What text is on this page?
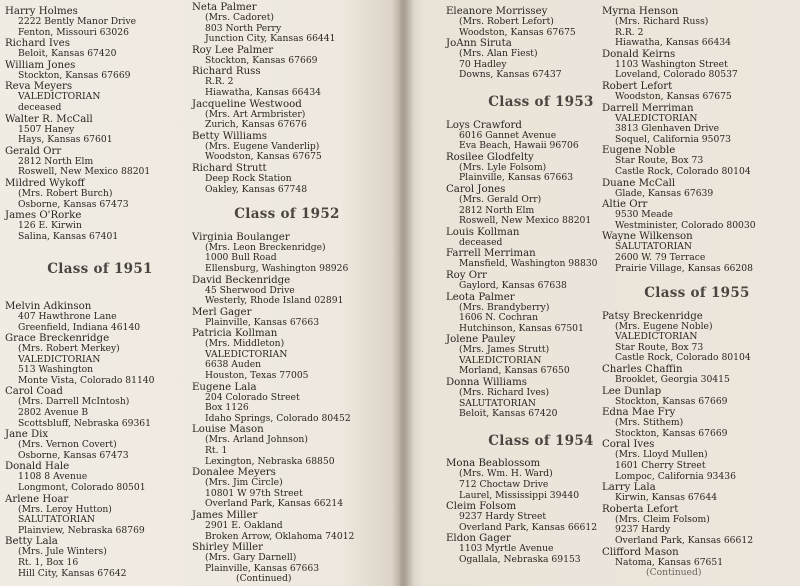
Harry Holmes
2222 Bently Manor Drive
Fenton, Missouri 63026
Richard Ives
Beloit, Kansas 67420
William Jones
Stockton, Kansas 67669
Reva Meyers
VALEDICTORIAN
deceased
Walter R. McCall
1507 Haney
Hays, Kansas 67601
Gerald Orr
2812 North Elm
Roswell, New Mexico 88201
Mildred Wykoff
(Mrs. Robert Burch)
Osborne, Kansas 67473
James O'Rorke
126 E. Kirwin
Salina, Kansas 67401
Class of 1951
Melvin Adkinson
407 Hawthrone Lane
Greenfield, Indiana 46140
Grace Breckenridge
(Mrs. Robert Merkey)
VALEDICTORIAN
513 Washington
Monte Vista, Colorado 81140
Carol Coad
(Mrs. Darrell McIntosh)
2802 Avenue B
Scottsbluff, Nebraska 69361
Jane Dix
(Mrs. Vernon Covert)
Osborne, Kansas 67473
Donald Hale
1108 8 Avenue
Longmont, Colorado 80501
Arlene Hoar
(Mrs. Leroy Hutton)
SALUTATORIAN
Plainview, Nebraska 68769
Betty Lala
(Mrs. Jule Winters)
Rt. 1, Box 16
Hill City, Kansas 67642
Neta Palmer
(Mrs. Cadoret)
803 North Perry
Junction City, Kansas 66441
Roy Lee Palmer
Stockton, Kansas 67669
Richard Russ
R.R. 2
Hiawatha, Kansas 66434
Jacqueline Westwood
(Mrs. Art Armbrister)
Zurich, Kansas 67676
Betty Williams
(Mrs. Eugene Vanderlip)
Woodston, Kansas 67675
Richard Strutt
Deep Rock Station
Oakley, Kansas 67748
Class of 1952
Virginia Boulanger
(Mrs. Leon Breckenridge)
1000 Bull Road
Ellensburg, Washington 98926
David Beckenridge
45 Sherwood Drive
Westerly, Rhode Island 02891
Merl Gager
Plainville, Kansas 67663
Patricia Kollman
(Mrs. Middleton)
VALEDICTORIAN
6638 Auden
Houston, Texas 77005
Eugene Lala
204 Colorado Street
Box 1126
Idaho Springs, Colorado 80452
Louise Mason
(Mrs. Arland Johnson)
Rt. 1
Lexington, Nebraska 68850
Donalee Meyers
(Mrs. Jim Circle)
10801 W 97th Street
Overland Park, Kansas 66214
James Miller
2901 E. Oakland
Broken Arrow, Oklahoma 74012
Shirley Miller
(Mrs. Gary Darnell)
Plainville, Kansas 67663
(Continued)
Eleanore Morrissey
(Mrs. Robert Lefort)
Woodston, Kansas 67675
JoAnn Siruta
(Mrs. Alan Fiest)
70 Hadley
Downs, Kansas 67437
Class of 1953
Loys Crawford
6016 Gannet Avenue
Eva Beach, Hawaii 96706
Rosilee Glodfelty
(Mrs. Lyle Folsom)
Plainville, Kansas 67663
Carol Jones
(Mrs. Gerald Orr)
2812 North Elm
Roswell, New Mexico 88201
Louis Kollman
deceased
Farrell Merriman
Mansfield, Washington 98830
Roy Orr
Gaylord, Kansas 67638
Leota Palmer
(Mrs. Brandyberry)
1606 N. Cochran
Hutchinson, Kansas 67501
Jolene Pauley
(Mrs. James Strutt)
VALEDICTORIAN
Morland, Kansas 67650
Donna Williams
(Mrs. Richard Ives)
SALUTATORIAN
Beloit, Kansas 67420
Class of 1954
Mona Beablossom
(Mrs. Wm. H. Ward)
712 Choctaw Drive
Laurel, Mississippi 39440
Cleim Folsom
9237 Hardy Street
Overland Park, Kansas 66612
Eldon Gager
1103 Myrtle Avenue
Ogallala, Nebraska 69153
Myrna Henson
(Mrs. Richard Russ)
R.R. 2
Hiawatha, Kansas 66434
Donald Keirns
1103 Washington Street
Loveland, Colorado 80537
Robert Lefort
Woodston, Kansas 67675
Darrell Merriman
VALEDICTORIAN
3813 Glenhaven Drive
Soquel, California 95073
Eugene Noble
Star Route, Box 73
Castle Rock, Colorado 80104
Duane McCall
Glade, Kansas 67639
Altie Orr
9530 Meade
Westminister, Colorado 80030
Wayne Wilkenson
SALUTATORIAN
2600 W. 79 Terrace
Prairie Village, Kansas 66208
Class of 1955
Patsy Breckenridge
(Mrs. Eugene Noble)
VALEDICTORIAN
Star Route, Box 73
Castle Rock, Colorado 80104
Charles Chaffin
Brooklet, Georgia 30415
Lee Dunlap
Stockton, Kansas 67669
Edna Mae Fry
(Mrs. Stithem)
Stockton, Kansas 67669
Coral Ives
(Mrs. Lloyd Mullen)
1601 Cherry Street
Lompoc, California 93436
Larry Lala
Kirwin, Kansas 67644
Roberta Lefort
(Mrs. Cleim Folsom)
9237 Hardy
Overland Park, Kansas 66612
Clifford Mason
Natoma, Kansas 67651
(Continued)
